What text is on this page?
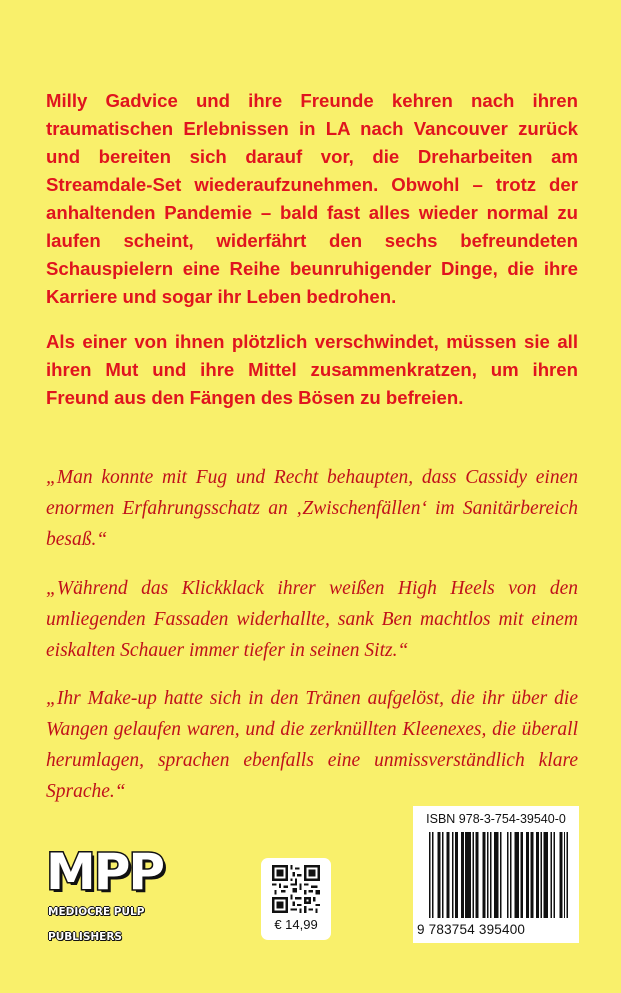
Milly Gadvice und ihre Freunde kehren nach ihren traumatischen Erlebnissen in LA nach Vancouver zurück und bereiten sich darauf vor, die Dreharbeiten am Streamdale-Set wiederaufzunehmen. Obwohl – trotz der anhaltenden Pandemie – bald fast alles wieder normal zu laufen scheint, widerfährt den sechs befreundeten Schauspielern eine Reihe beunruhigender Dinge, die ihre Karriere und sogar ihr Leben bedrohen.

Als einer von ihnen plötzlich verschwindet, müssen sie all ihren Mut und ihre Mittel zusammenkratzen, um ihren Freund aus den Fängen des Bösen zu befreien.

„Man konnte mit Fug und Recht behaupten, dass Cassidy einen enormen Erfahrungsschatz an ‚Zwischenfällen‘ im Sanitärbereich besaß.“

„Während das Klickklack ihrer weißen High Heels von den umliegenden Fassaden widerhallte, sank Ben machtlos mit einem eiskalten Schauer immer tiefer in seinen Sitz.“

„Ihr Make-up hatte sich in den Tränen aufgelöst, die ihr über die Wangen gelaufen waren, und die zerknüllten Kleenexes, die überall herumlagen, sprachen ebenfalls eine unmissverständlich klare Sprache.“

MPP
MEDIOCRE PULP
PUBLISHERS
€ 14,99
ISBN 978-3-754-39540-0
9 783754 395400
